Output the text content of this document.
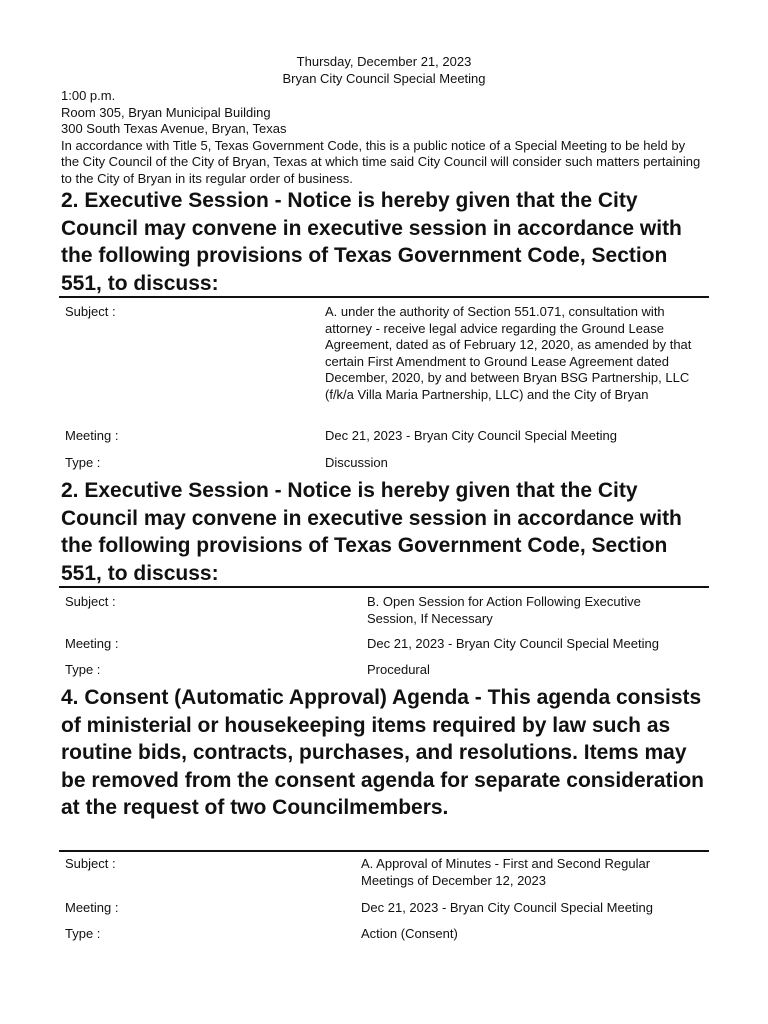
Thursday, December 21, 2023
Bryan City Council Special Meeting
1:00 p.m.
Room 305, Bryan Municipal Building
300 South Texas Avenue, Bryan, Texas
In accordance with Title 5, Texas Government Code, this is a public notice of a Special Meeting to be held by the City Council of the City of Bryan, Texas at which time said City Council will consider such matters pertaining to the City of Bryan in its regular order of business.
2. Executive Session - Notice is hereby given that the City Council may convene in executive session in accordance with the following provisions of Texas Government Code, Section 551, to discuss:
Subject :	A. under the authority of Section 551.071, consultation with attorney - receive legal advice regarding the Ground Lease Agreement, dated as of February 12, 2020, as amended by that certain First Amendment to Ground Lease Agreement dated December, 2020, by and between Bryan BSG Partnership, LLC (f/k/a Villa Maria Partnership, LLC) and the City of Bryan
Meeting :	Dec 21, 2023 - Bryan City Council Special Meeting
Type :	Discussion
2. Executive Session - Notice is hereby given that the City Council may convene in executive session in accordance with the following provisions of Texas Government Code, Section 551, to discuss:
Subject :	B. Open Session for Action Following Executive Session, If Necessary
Meeting :	Dec 21, 2023 - Bryan City Council Special Meeting
Type :	Procedural
4. Consent (Automatic Approval) Agenda - This agenda consists of ministerial or housekeeping items required by law such as routine bids, contracts, purchases, and resolutions. Items may be removed from the consent agenda for separate consideration at the request of two Councilmembers.
Subject :	A. Approval of Minutes - First and Second Regular Meetings of December 12, 2023
Meeting :	Dec 21, 2023 - Bryan City Council Special Meeting
Type :	Action (Consent)
